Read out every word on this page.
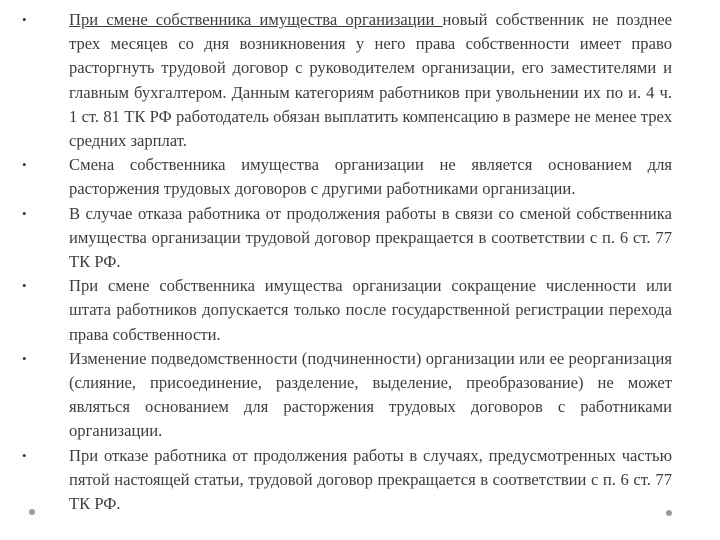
•	При смене собственника имущества организации новый собственник не позднее трех месяцев со дня возникновения у него права собственности имеет право расторгнуть трудовой договор с руководителем организации, его заместителями и главным бухгалтером. Данным категориям работников при увольнении их по и. 4 ч. 1 ст. 81 ТК РФ работодатель обязан выплатить компенсацию в размере не менее трех средних зарплат.
•	Смена собственника имущества организации не является основанием для расторжения трудовых договоров с другими работниками организации.
•	В случае отказа работника от продолжения работы в связи со сменой собственника имущества организации трудовой договор прекращается в соответствии с п. 6 ст. 77 ТК РФ.
•	При смене собственника имущества организации сокращение численности или штата работников допускается только после государственной регистрации перехода права собственности.
•	Изменение подведомственности (подчиненности) организации или ее реорганизация (слияние, присоединение, разделение, выделение, преобразование) не может являться основанием для расторжения трудовых договоров с работниками организации.
•	При отказе работника от продолжения работы в случаях, предусмотренных частью пятой настоящей статьи, трудовой договор прекращается в соответствии с п. 6 ст. 77 ТК РФ.
